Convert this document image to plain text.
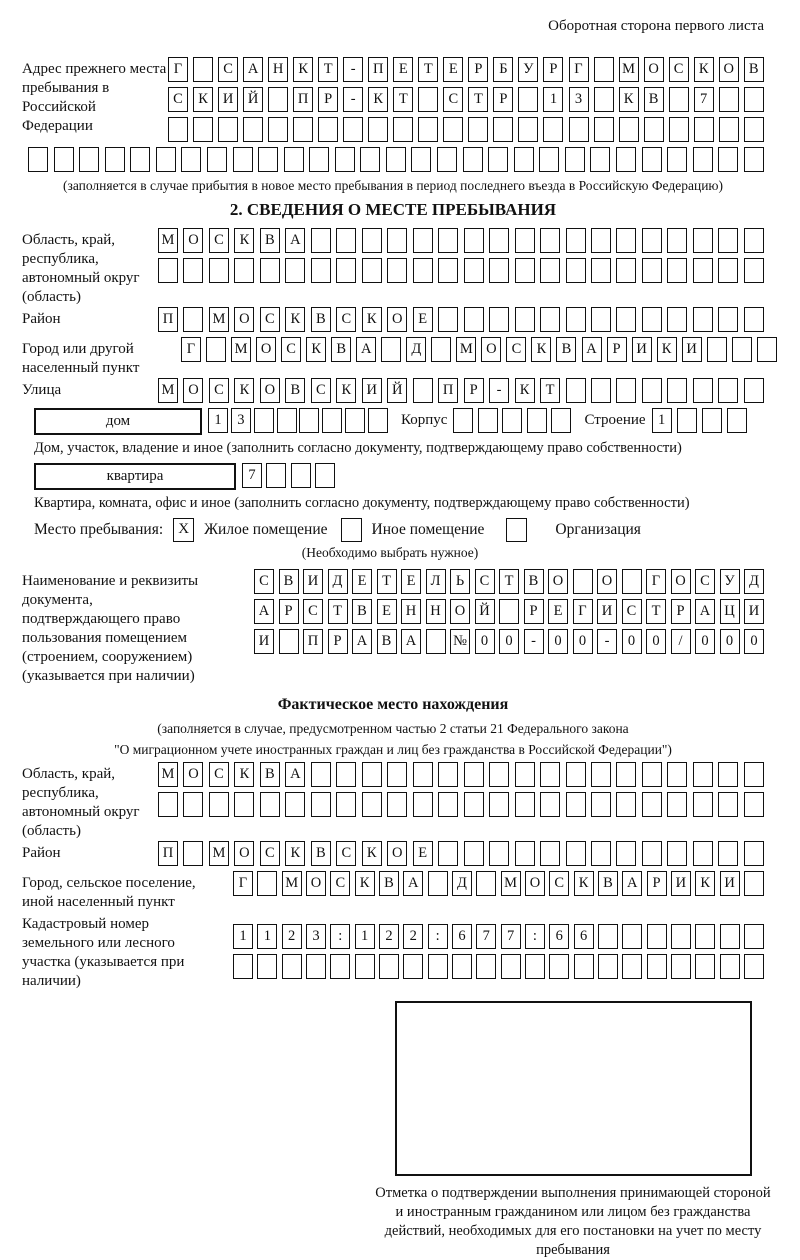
Оборотная сторона первого листа
Адрес прежнего места пребывания в Российской Федерации
Г	С	А	Н	К	Т	-	П	Е	Т	Е	Р	Б	У	Р	Г	М О	С	К	О	В
С	К	И	Й	П	Р	-	К	Т	С	Т	Р	1	3	К	В	7
(заполняется в случае прибытия в новое место пребывания в период последнего въезда в Российскую Федерацию)
2. СВЕДЕНИЯ О МЕСТЕ ПРЕБЫВАНИЯ
Область, край, республика, автономный округ (область)
М О	С	К	В	А
Район	П	М О	С	К	В	С	К	О	Е
Город или другой населенный пункт
Г	М О	С	К	В	А	Д	М О	С	К	В	А	Р	И	К	И
Улица	М О	С	К	О	В	С	К	И	Й	П	Р	-	К	Т
дом	1	3	Корпус	Строение 1
Дом, участок, владение и иное (заполнить согласно документу, подтверждающему право собственности)
квартира	7
Квартира, комната, офис и иное (заполнить согласно документу, подтверждающему право собственности)
Место пребывания:	X Жилое помещение	Иное помещение	Организация
(Необходимо выбрать нужное)
Наименование и реквизиты документа, подтверждающего право пользования помещением (строением, сооружением) (указывается при наличии)
С	В И Д	Е	Т	Е	Л	Ь	С	Т	В О	О	Г	О С	У Д
А	Р	С	Т	В	Е	Н Н О Й	Р	Е	Г	И С	Т	Р	А Ц И
И	П	Р	А В А	№ 0	0	-	0	0	-	0	0	/	0	0	0
Фактическое место нахождения
(заполняется в случае, предусмотренном частью 2 статьи 21 Федерального закона
"О миграционном учете иностранных граждан и лиц без гражданства в Российской Федерации")
Область, край, республика, автономный округ (область)
М О	С	К	В	А
Район	П	М О	С	К	В	С	К	О	Е
Город, сельское поселение, иной населенный пункт
Г	М О С	К	В А	Д	М О С	К	В А	Р	И К И
Кадастровый номер земельного или лесного участка (указывается при наличии)
1	1	2	3	:	1	2	2	:	6	7	7	:	6	6
Отметка о подтверждении выполнения принимающей стороной и иностранным гражданином или лицом без гражданства действий, необходимых для его постановки на учет по месту пребывания
